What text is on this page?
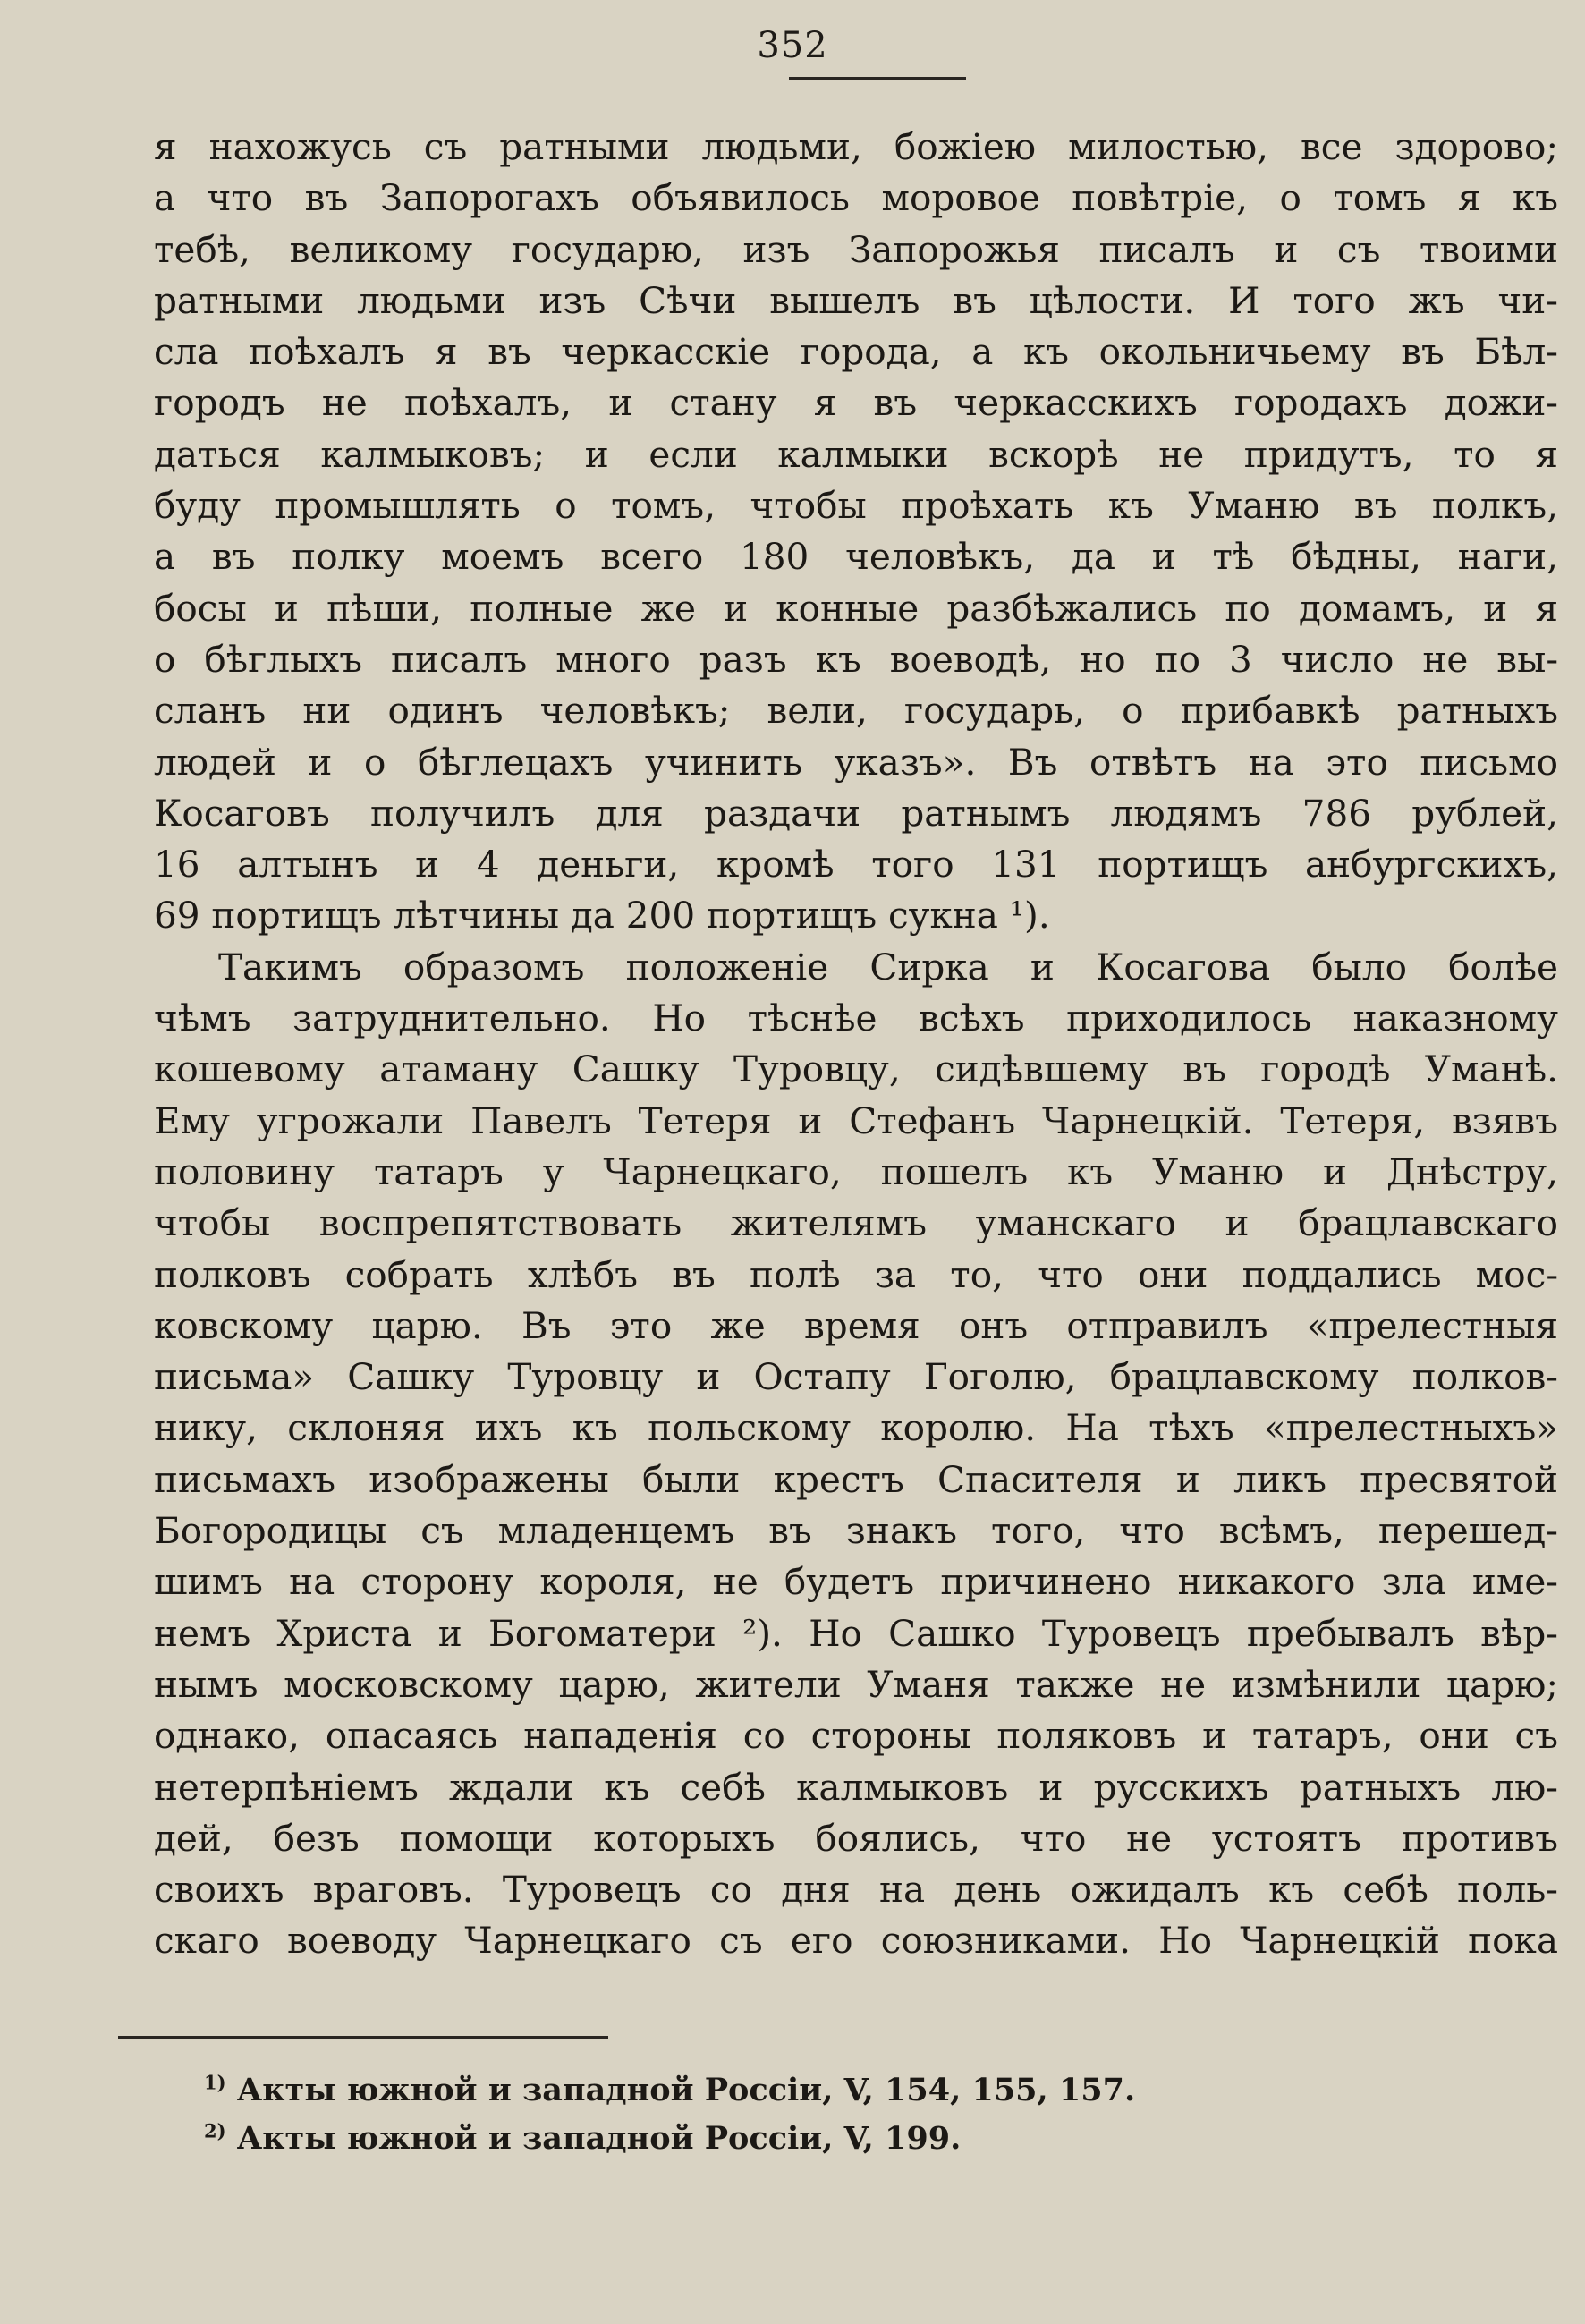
352
я нахожусь съ ратными людьми, божіею милостью, все здорово;
а что въ Запорогахъ объявилось моровое повѣтріе, о томъ я къ
тебѣ, великому государю, изъ Запорожья писалъ и съ твоими
ратными людьми изъ Сѣчи вышелъ въ цѣлости. И того жъ чи-
сла поѣхалъ я въ черкасскіе города, а къ окольничьему въ Бѣл-
городъ не поѣхалъ, и стану я въ черкасскихъ городахъ дожи-
даться калмыковъ; и если калмыки вскорѣ не придутъ, то я
буду промышлять о томъ, чтобы проѣхать къ Уманю въ полкъ,
а въ полку моемъ всего 180 человѣкъ, да и тѣ бѣдны, наги,
босы и пѣши, полные же и конные разбѣжались по домамъ, и я
о бѣглыхъ писалъ много разъ къ воеводѣ, но по 3 число не вы-
сланъ ни одинъ человѣкъ; вели, государь, о прибавкѣ ратныхъ
людей и о бѣглецахъ учинить указъ». Въ отвѣтъ на это письмо
Косаговъ получилъ для раздачи ратнымъ людямъ 786 рублей,
16 алтынъ и 4 деньги, кромѣ того 131 портищъ анбургскихъ,
69 портищъ лѣтчины да 200 портищъ сукна ¹).
Такимъ образомъ положеніе Сирка и Косагова было болѣе
чѣмъ затруднительно. Но тѣснѣе всѣхъ приходилось наказному
кошевому атаману Сашку Туровцу, сидѣвшему въ городѣ Уманѣ.
Ему угрожали Павелъ Тетеря и Стефанъ Чарнецкій. Тетеря, взявъ
половину татаръ у Чарнецкаго, пошелъ къ Уманю и Днѣстру,
чтобы воспрепятствовать жителямъ уманскаго и брацлавскаго
полковъ собрать хлѣбъ въ полѣ за то, что они поддались мос-
ковскому царю. Въ это же время онъ отправилъ «прелестныя
письма» Сашку Туровцу и Остапу Гоголю, брацлавскому полков-
нику, склоняя ихъ къ польскому королю. На тѣхъ «прелестныхъ»
письмахъ изображены были крестъ Спасителя и ликъ пресвятой
Богородицы съ младенцемъ въ знакъ того, что всѣмъ, перешед-
шимъ на сторону короля, не будетъ причинено никакого зла име-
немъ Христа и Богоматери ²). Но Сашко Туровецъ пребывалъ вѣр-
нымъ московскому царю, жители Уманя также не измѣнили царю;
однако, опасаясь нападенія со стороны поляковъ и татаръ, они съ
нетерпѣніемъ ждали къ себѣ калмыковъ и русскихъ ратныхъ лю-
дей, безъ помощи которыхъ боялись, что не устоятъ противъ
своихъ враговъ. Туровецъ со дня на день ожидалъ къ себѣ поль-
скаго воеводу Чарнецкаго съ его союзниками. Но Чарнецкій пока
$^{1)}$ Акты южной и западной Россіи, V, 154, 155, 157.
$^{2)}$ Акты южной и западной Россіи, V, 199.
